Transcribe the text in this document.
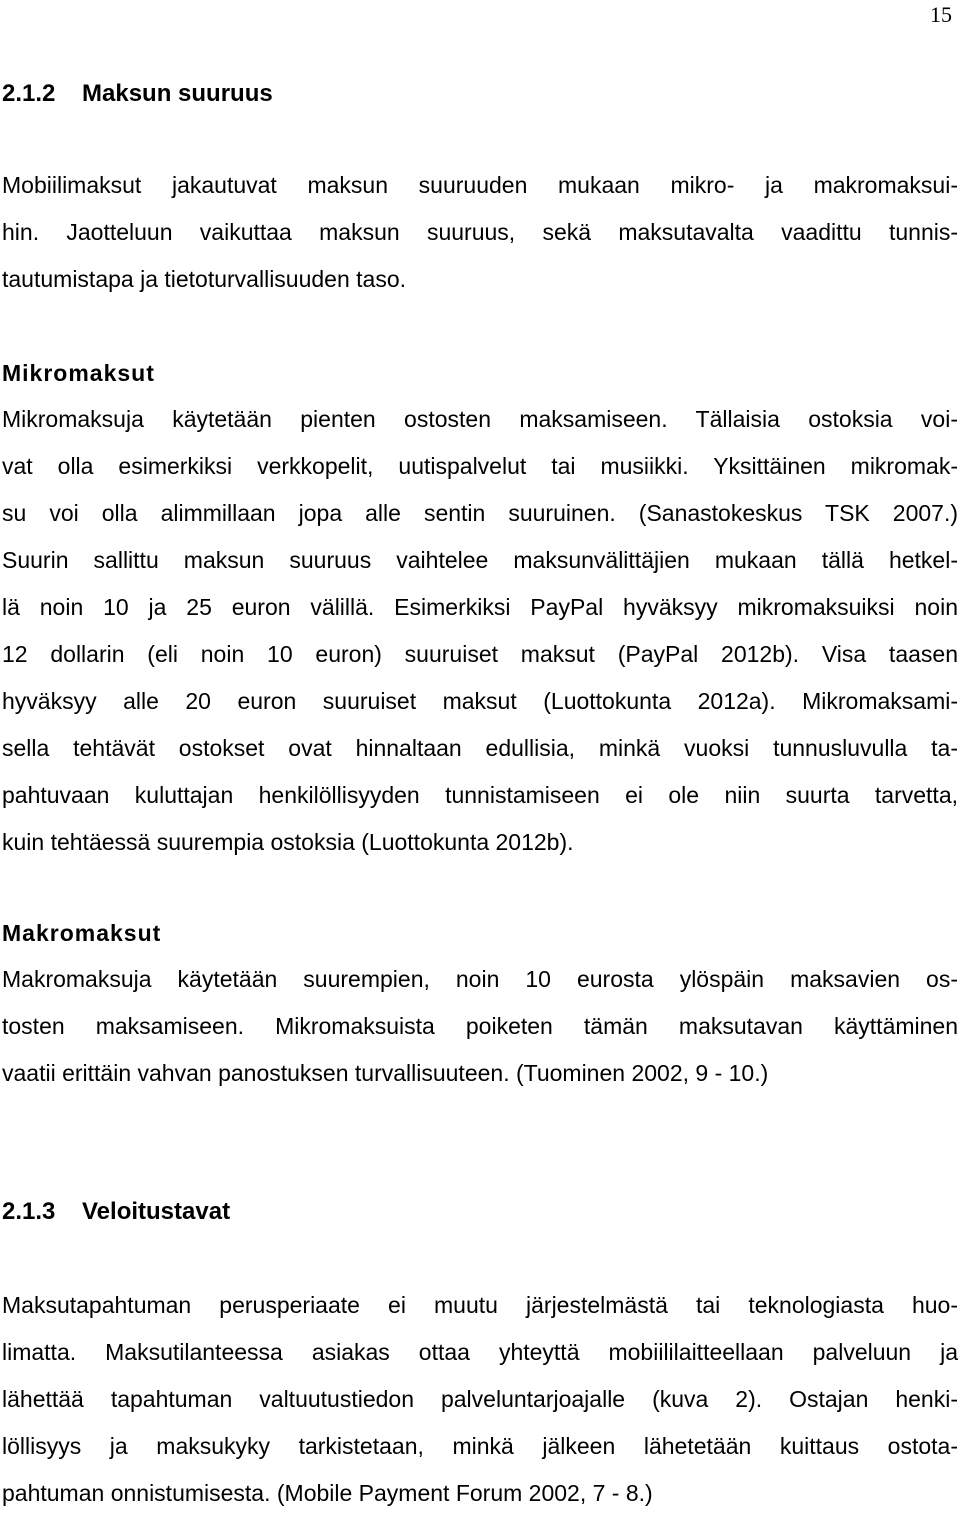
15
2.1.2 Maksun suuruus
Mobiilimaksut jakautuvat maksun suuruuden mukaan mikro- ja makromaksui-
hin. Jaotteluun vaikuttaa maksun suuruus, sekä maksutavalta vaadittu tunnis-
tautumistapa ja tietoturvallisuuden taso.
Mikromaksut
Mikromaksuja käytetään pienten ostosten maksamiseen. Tällaisia ostoksia voi-
vat olla esimerkiksi verkkopelit, uutispalvelut tai musiikki. Yksittäinen mikromak-
su voi olla alimmillaan jopa alle sentin suuruinen. (Sanastokeskus TSK 2007.)
Suurin sallittu maksun suuruus vaihtelee maksunvälittäjien mukaan tällä hetkel-
lä noin 10 ja 25 euron välillä. Esimerkiksi PayPal hyväksyy mikromaksuiksi noin
12 dollarin (eli noin 10 euron) suuruiset maksut (PayPal 2012b). Visa taasen
hyväksyy alle 20 euron suuruiset maksut (Luottokunta 2012a). Mikromaksami-
sella tehtävät ostokset ovat hinnaltaan edullisia, minkä vuoksi tunnusluvulla ta-
pahtuvaan kuluttajan henkilöllisyyden tunnistamiseen ei ole niin suurta tarvetta,
kuin tehtäessä suurempia ostoksia (Luottokunta 2012b).
Makromaksut
Makromaksuja käytetään suurempien, noin 10 eurosta ylöspäin maksavien os-
tosten maksamiseen. Mikromaksuista poiketen tämän maksutavan käyttäminen
vaatii erittäin vahvan panostuksen turvallisuuteen. (Tuominen 2002, 9 - 10.)
2.1.3 Veloitustavat
Maksutapahtuman perusperiaate ei muutu järjestelmästä tai teknologiasta huo-
limatta. Maksutilanteessa asiakas ottaa yhteyttä mobiililaitteellaan palveluun ja
lähettää tapahtuman valtuutustiedon palveluntarjoajalle (kuva 2). Ostajan henki-
löllisyys ja maksukyky tarkistetaan, minkä jälkeen lähetetään kuittaus ostota-
pahtuman onnistumisesta. (Mobile Payment Forum 2002, 7 - 8.)
